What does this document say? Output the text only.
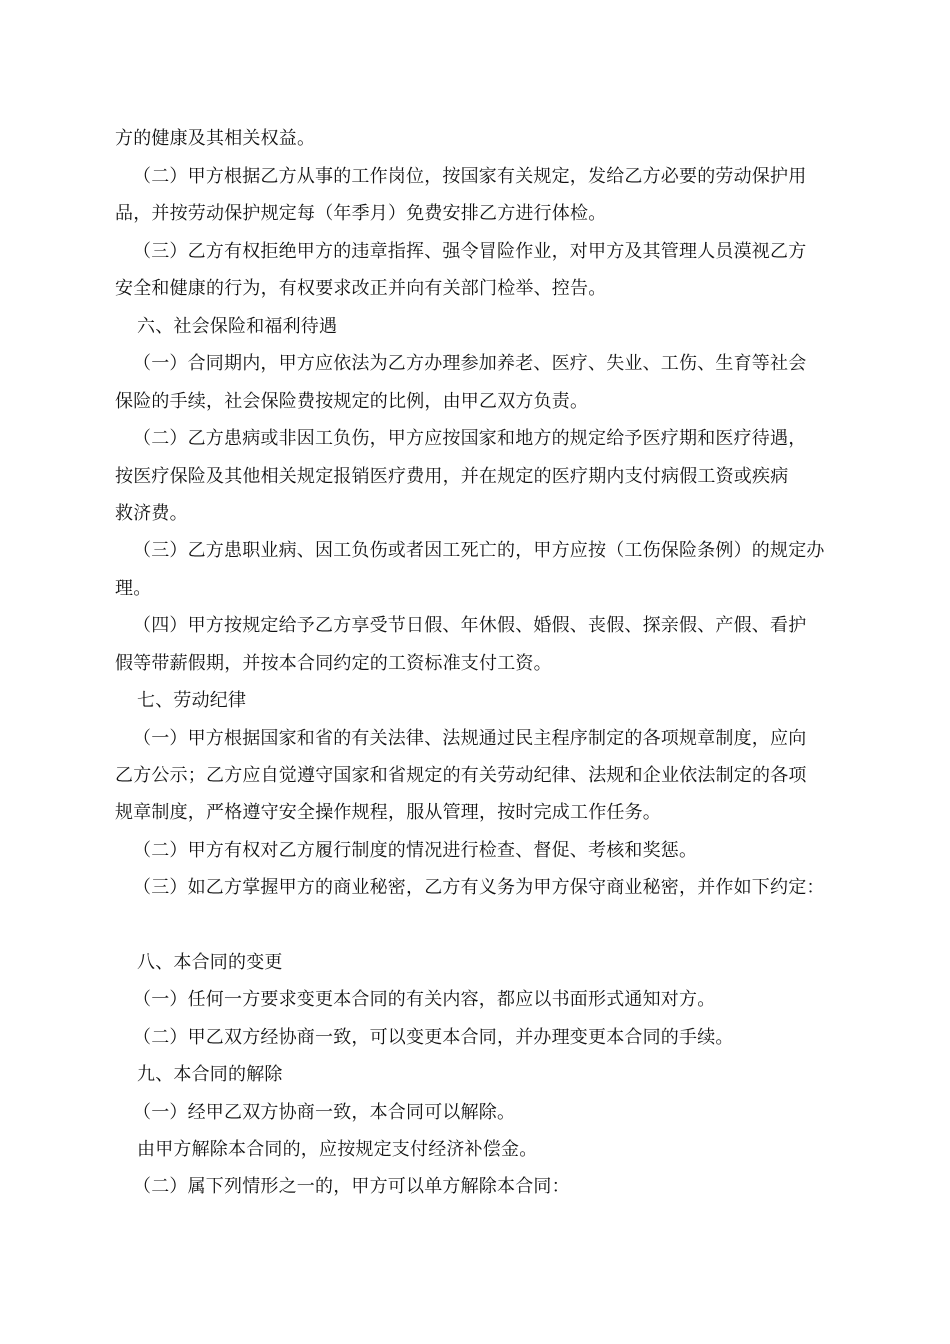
方的健康及其相关权益。
（二）甲方根据乙方从事的工作岗位，按国家有关规定，发给乙方必要的劳动保护用
品，并按劳动保护规定每（年季月）免费安排乙方进行体检。
（三）乙方有权拒绝甲方的违章指挥、强令冒险作业，对甲方及其管理人员漠视乙方
安全和健康的行为，有权要求改正并向有关部门检举、控告。
六、社会保险和福利待遇
（一）合同期内，甲方应依法为乙方办理参加养老、医疗、失业、工伤、生育等社会
保险的手续，社会保险费按规定的比例，由甲乙双方负责。
（二）乙方患病或非因工负伤，甲方应按国家和地方的规定给予医疗期和医疗待遇，
按医疗保险及其他相关规定报销医疗费用，并在规定的医疗期内支付病假工资或疾病
救济费。
（三）乙方患职业病、因工负伤或者因工死亡的，甲方应按（工伤保险条例）的规定办
理。
（四）甲方按规定给予乙方享受节日假、年休假、婚假、丧假、探亲假、产假、看护
假等带薪假期，并按本合同约定的工资标准支付工资。
七、劳动纪律
（一）甲方根据国家和省的有关法律、法规通过民主程序制定的各项规章制度，应向
乙方公示；乙方应自觉遵守国家和省规定的有关劳动纪律、法规和企业依法制定的各项
规章制度，严格遵守安全操作规程，服从管理，按时完成工作任务。
（二）甲方有权对乙方履行制度的情况进行检查、督促、考核和奖惩。
（三）如乙方掌握甲方的商业秘密，乙方有义务为甲方保守商业秘密，并作如下约定：
八、本合同的变更
（一）任何一方要求变更本合同的有关内容，都应以书面形式通知对方。
（二）甲乙双方经协商一致，可以变更本合同，并办理变更本合同的手续。
九、本合同的解除
（一）经甲乙双方协商一致，本合同可以解除。
由甲方解除本合同的，应按规定支付经济补偿金。
（二）属下列情形之一的，甲方可以单方解除本合同：
